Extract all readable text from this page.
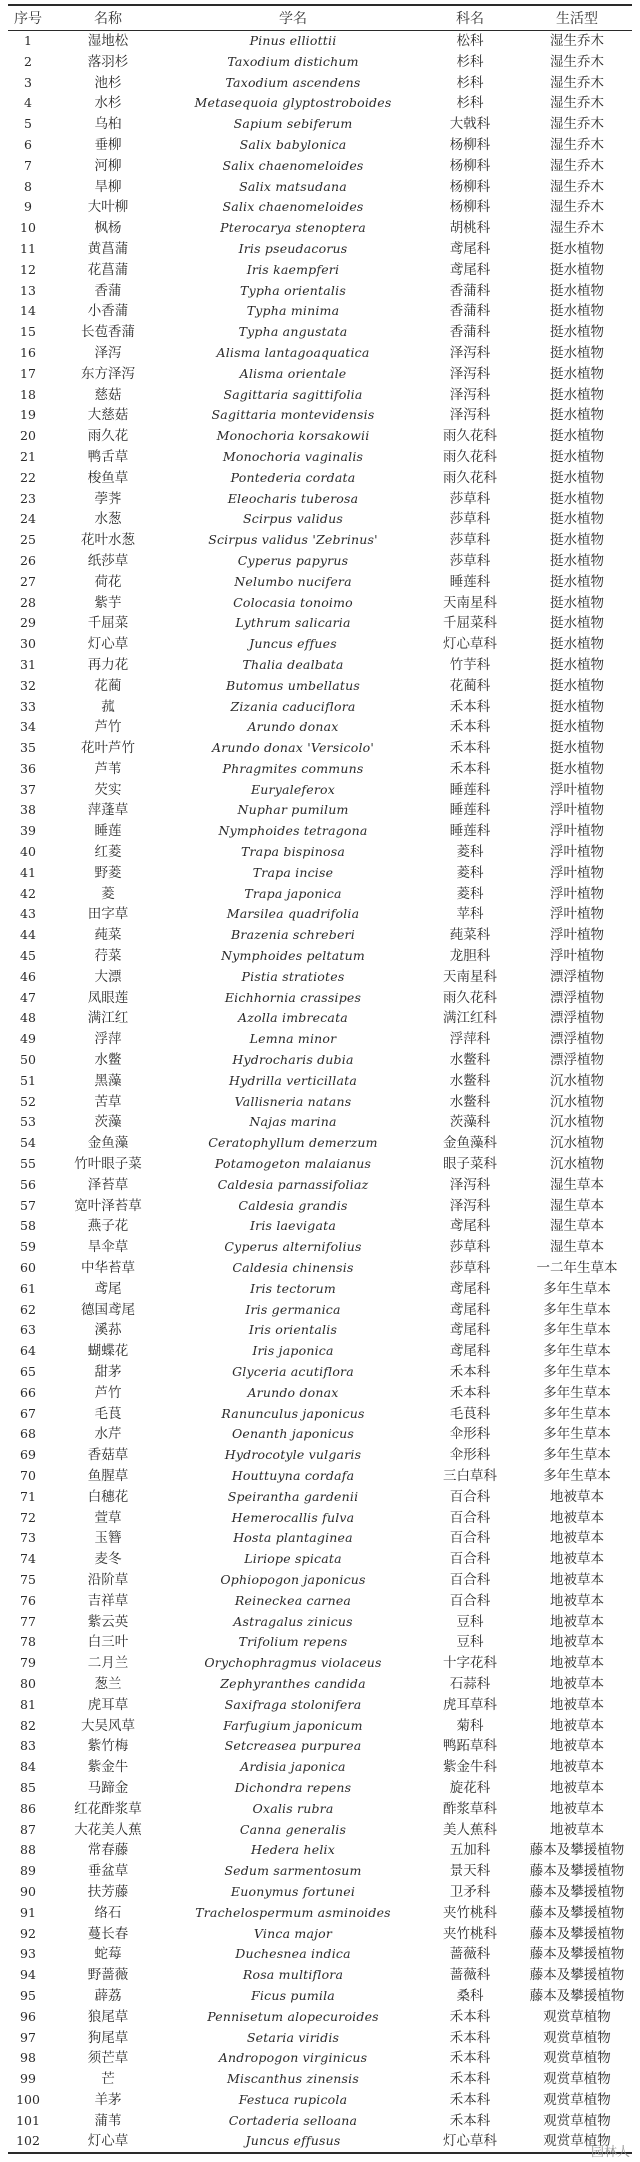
序号	名称	学名	科名	生活型
1	湿地松	Pinus elliottii	松科	湿生乔木
2	落羽杉	Taxodium distichum	杉科	湿生乔木
3	池杉	Taxodium ascendens	杉科	湿生乔木
4	水杉	Metasequoia glyptostroboides	杉科	湿生乔木
5	乌桕	Sapium sebiferum	大戟科	湿生乔木
6	垂柳	Salix babylonica	杨柳科	湿生乔木
7	河柳	Salix chaenomeloides	杨柳科	湿生乔木
8	旱柳	Salix matsudana	杨柳科	湿生乔木
9	大叶柳	Salix chaenomeloides	杨柳科	湿生乔木
10	枫杨	Pterocarya stenoptera	胡桃科	湿生乔木
11	黄菖蒲	Iris pseudacorus	鸢尾科	挺水植物
12	花菖蒲	Iris kaempferi	鸢尾科	挺水植物
13	香蒲	Typha orientalis	香蒲科	挺水植物
14	小香蒲	Typha minima	香蒲科	挺水植物
15	长苞香蒲	Typha angustata	香蒲科	挺水植物
16	泽泻	Alisma lantagoaquatica	泽泻科	挺水植物
17	东方泽泻	Alisma orientale	泽泻科	挺水植物
18	慈菇	Sagittaria sagittifolia	泽泻科	挺水植物
19	大慈菇	Sagittaria montevidensis	泽泻科	挺水植物
20	雨久花	Monochoria korsakowii	雨久花科	挺水植物
21	鸭舌草	Monochoria vaginalis	雨久花科	挺水植物
22	梭鱼草	Pontederia cordata	雨久花科	挺水植物
23	荸荠	Eleocharis tuberosa	莎草科	挺水植物
24	水葱	Scirpus validus	莎草科	挺水植物
25	花叶水葱	Scirpus validus 'Zebrinus'	莎草科	挺水植物
26	纸莎草	Cyperus papyrus	莎草科	挺水植物
27	荷花	Nelumbo nucifera	睡莲科	挺水植物
28	紫芋	Colocasia tonoimo	天南星科	挺水植物
29	千屈菜	Lythrum salicaria	千屈菜科	挺水植物
30	灯心草	Juncus effues	灯心草科	挺水植物
31	再力花	Thalia dealbata	竹芋科	挺水植物
32	花蔺	Butomus umbellatus	花蔺科	挺水植物
33	菰	Zizania caduciflora	禾本科	挺水植物
34	芦竹	Arundo donax	禾本科	挺水植物
35	花叶芦竹	Arundo donax 'Versicolo'	禾本科	挺水植物
36	芦苇	Phragmites communs	禾本科	挺水植物
37	芡实	Euryaleferox	睡莲科	浮叶植物
38	萍蓬草	Nuphar pumilum	睡莲科	浮叶植物
39	睡莲	Nymphoides tetragona	睡莲科	浮叶植物
40	红菱	Trapa bispinosa	菱科	浮叶植物
41	野菱	Trapa incise	菱科	浮叶植物
42	菱	Trapa japonica	菱科	浮叶植物
43	田字草	Marsilea quadrifolia	苹科	浮叶植物
44	莼菜	Brazenia schreberi	莼菜科	浮叶植物
45	荇菜	Nymphoides peltatum	龙胆科	浮叶植物
46	大漂	Pistia stratiotes	天南星科	漂浮植物
47	凤眼莲	Eichhornia crassipes	雨久花科	漂浮植物
48	满江红	Azolla imbrecata	满江红科	漂浮植物
49	浮萍	Lemna minor	浮萍科	漂浮植物
50	水鳖	Hydrocharis dubia	水鳖科	漂浮植物
51	黑藻	Hydrilla verticillata	水鳖科	沉水植物
52	苦草	Vallisneria natans	水鳖科	沉水植物
53	茨藻	Najas marina	茨藻科	沉水植物
54	金鱼藻	Ceratophyllum demerzum	金鱼藻科	沉水植物
55	竹叶眼子菜	Potamogeton malaianus	眼子菜科	沉水植物
56	泽苔草	Caldesia parnassifoliaz	泽泻科	湿生草本
57	宽叶泽苔草	Caldesia grandis	泽泻科	湿生草本
58	燕子花	Iris laevigata	鸢尾科	湿生草本
59	旱伞草	Cyperus alternifolius	莎草科	湿生草本
60	中华苔草	Caldesia chinensis	莎草科	一二年生草本
61	鸢尾	Iris tectorum	鸢尾科	多年生草本
62	德国鸢尾	Iris germanica	鸢尾科	多年生草本
63	溪荪	Iris orientalis	鸢尾科	多年生草本
64	蝴蝶花	Iris japonica	鸢尾科	多年生草本
65	甜茅	Glyceria acutiflora	禾本科	多年生草本
66	芦竹	Arundo donax	禾本科	多年生草本
67	毛茛	Ranunculus japonicus	毛茛科	多年生草本
68	水芹	Oenanth japonicus	伞形科	多年生草本
69	香菇草	Hydrocotyle vulgaris	伞形科	多年生草本
70	鱼腥草	Houttuyna cordafa	三白草科	多年生草本
71	白穗花	Speirantha gardenii	百合科	地被草本
72	萱草	Hemerocallis fulva	百合科	地被草本
73	玉簪	Hosta plantaginea	百合科	地被草本
74	麦冬	Liriope spicata	百合科	地被草本
75	沿阶草	Ophiopogon japonicus	百合科	地被草本
76	吉祥草	Reineckea carnea	百合科	地被草本
77	紫云英	Astragalus zinicus	豆科	地被草本
78	白三叶	Trifolium repens	豆科	地被草本
79	二月兰	Orychophragmus violaceus	十字花科	地被草本
80	葱兰	Zephyranthes candida	石蒜科	地被草本
81	虎耳草	Saxifraga stolonifera	虎耳草科	地被草本
82	大吴风草	Farfugium japonicum	菊科	地被草本
83	紫竹梅	Setcreasea purpurea	鸭跖草科	地被草本
84	紫金牛	Ardisia japonica	紫金牛科	地被草本
85	马蹄金	Dichondra repens	旋花科	地被草本
86	红花酢浆草	Oxalis rubra	酢浆草科	地被草本
87	大花美人蕉	Canna generalis	美人蕉科	地被草本
88	常春藤	Hedera helix	五加科	藤本及攀援植物
89	垂盆草	Sedum sarmentosum	景天科	藤本及攀援植物
90	扶芳藤	Euonymus fortunei	卫矛科	藤本及攀援植物
91	络石	Trachelospermum asminoides	夹竹桃科	藤本及攀援植物
92	蔓长春	Vinca major	夹竹桃科	藤本及攀援植物
93	蛇莓	Duchesnea indica	蔷薇科	藤本及攀援植物
94	野蔷薇	Rosa multiflora	蔷薇科	藤本及攀援植物
95	薜荔	Ficus pumila	桑科	藤本及攀援植物
96	狼尾草	Pennisetum alopecuroides	禾本科	观赏草植物
97	狗尾草	Setaria viridis	禾本科	观赏草植物
98	须芒草	Andropogon virginicus	禾本科	观赏草植物
99	芒	Miscanthus zinensis	禾本科	观赏草植物
100	羊茅	Festuca rupicola	禾本科	观赏草植物
101	蒲苇	Cortaderia selloana	禾本科	观赏草植物
102	灯心草	Juncus effusus	灯心草科	观赏草植物
园林人
